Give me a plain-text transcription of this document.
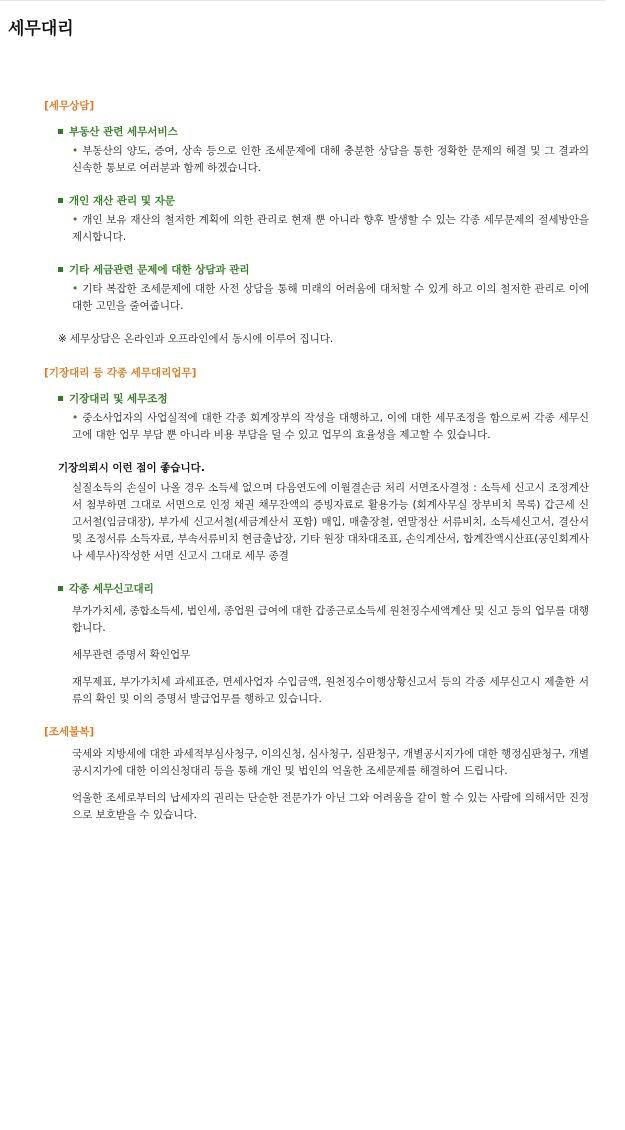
세무대리

[세무상담]

부동산 관련 세무서비스

• 부동산의 양도, 증여, 상속 등으로 인한 조세문제에 대해 충분한 상담을 통한 정확한 문제의 해결 및 그 결과의 신속한 통보로 여러분과 함께 하겠습니다.

개인 재산 관리 및 자문

• 개인 보유 재산의 철저한 계획에 의한 관리로 현재 뿐 아니라 향후 발생할 수 있는 각종 세무문제의 절세방안을 제시합니다.

기타 세금관련 문제에 대한 상담과 관리

• 기타 복잡한 조세문제에 대한 사전 상담을 통해 미래의 어려움에 대처할 수 있게 하고 이의 철저한 관리로 이에 대한 고민을 줄여줍니다.

※ 세무상담은 온라인과 오프라인에서 동시에 이루어 집니다.

[기장대리 등 각종 세무대리업무]

기장대리 및 세무조정

• 중소사업자의 사업실적에 대한 각종 회계장부의 작성을 대행하고, 이에 대한 세무조정을 함으로써 각종 세무신고에 대한 업무 부담 뿐 아니라 비용 부담을 덜 수 있고 업무의 효율성을 제고할 수 있습니다.

기장의뢰시 이런 점이 좋습니다.

실질소득의 손실이 나올 경우 소득세 없으며 다음연도에 이월결손금 처리 서면조사결정 : 소득세 신고시 조정계산서 첨부하면 그대로 서면으로 인정 채권 채무잔액의 증빙자료로 활용가능 (회계사무실 장부비치 목록) 갑근세 신고서철(임금대장), 부가세 신고서철(세금계산서 포함) 매입, 매출장철, 연말정산 서류비치, 소득세신고서, 결산서 및 조정서류 소득자료, 부속서류비치 현금출납장, 기타 원장 대차대조표, 손익계산서, 합계잔액시산표(공인회계사나 세무사)작성한 서면 신고시 그대로 세무 종결

각종 세무신고대리

부가가치세, 종합소득세, 법인세, 종업원 급여에 대한 갑종근로소득세 원천징수세액계산 및 신고 등의 업무를 대행합니다.

세무관련 증명서 확인업무

재무제표, 부가가치세 과세표준, 면세사업자 수입금액, 원천징수이행상황신고서 등의 각종 세무신고시 제출한 서류의 확인 및 이의 증명서 발급업무를 행하고 있습니다.

[조세불복]

국세와 지방세에 대한 과세적부심사청구, 이의신청, 심사청구, 심판청구, 개별공시지가에 대한 행정심판청구, 개별공시지가에 대한 이의신청대리 등을 통해 개인 및 법인의 억울한 조세문제를 해결하여 드립니다.

억울한 조세로부터의 납세자의 권리는 단순한 전문가가 아닌 그와 어려움을 같이 할 수 있는 사람에 의해서만 진정으로 보호받을 수 있습니다.
